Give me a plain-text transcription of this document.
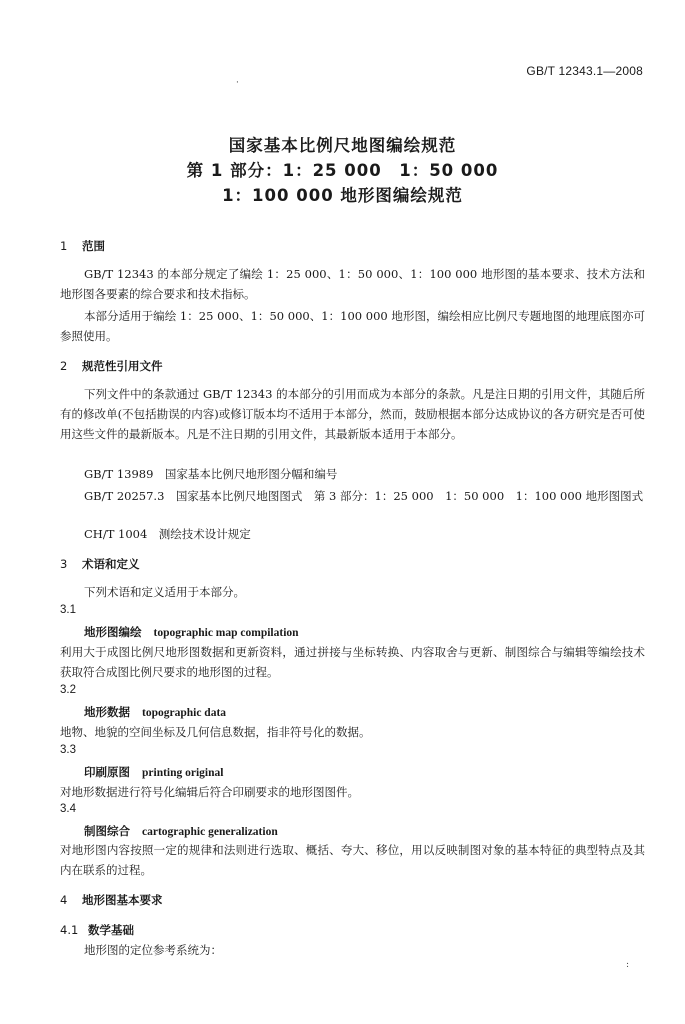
·
GB/T 12343.1—2008
国家基本比例尺地图编绘规范
第 1 部分：1：25 000　1：50 000
1：100 000 地形图编绘规范
1 范围
GB/T 12343 的本部分规定了编绘 1：25 000、1：50 000、1：100 000 地形图的基本要求、技术方法和地形图各要素的综合要求和技术指标。
本部分适用于编绘 1：25 000、1：50 000、1：100 000 地形图，编绘相应比例尺专题地图的地理底图亦可参照使用。
2 规范性引用文件
下列文件中的条款通过 GB/T 12343 的本部分的引用而成为本部分的条款。凡是注日期的引用文件，其随后所有的修改单(不包括勘误的内容)或修订版本均不适用于本部分，然而，鼓励根据本部分达成协议的各方研究是否可使用这些文件的最新版本。凡是不注日期的引用文件，其最新版本适用于本部分。
GB/T 13989　国家基本比例尺地形图分幅和编号
GB/T 20257.3　国家基本比例尺地图图式　第 3 部分：1：25 000　1：50 000　1：100 000 地形图图式
CH/T 1004　测绘技术设计规定
3 术语和定义
下列术语和定义适用于本部分。
3.1
地形图编绘 topographic map compilation
利用大于成图比例尺地形图数据和更新资料，通过拼接与坐标转换、内容取舍与更新、制图综合与编辑等编绘技术获取符合成图比例尺要求的地形图的过程。
3.2
地形数据 topographic data
地物、地貌的空间坐标及几何信息数据，指非符号化的数据。
3.3
印刷原图 printing original
对地形数据进行符号化编辑后符合印刷要求的地形图图件。
3.4
制图综合 cartographic generalization
对地形图内容按照一定的规律和法则进行选取、概括、夸大、移位，用以反映制图对象的基本特征的典型特点及其内在联系的过程。
4 地形图基本要求
4.1 数学基础
地形图的定位参考系统为：
:
